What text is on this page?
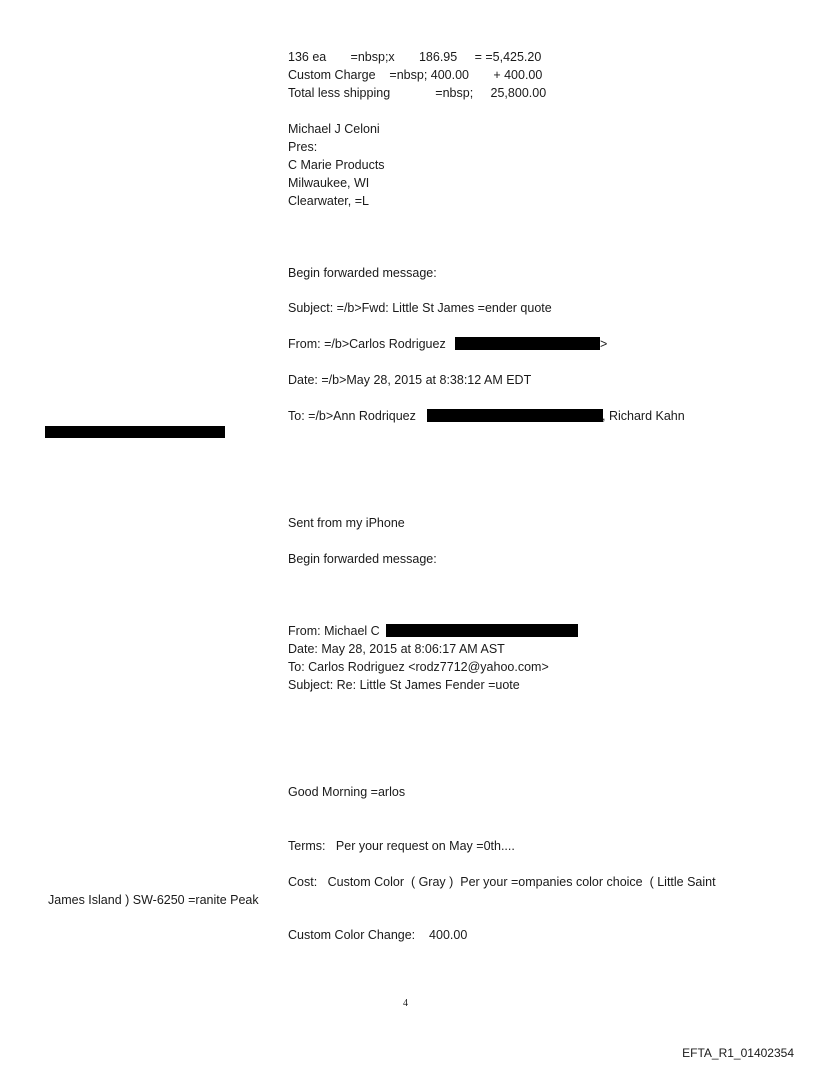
136 ea       =nbsp;x       186.95     = =5,425.20
Custom Charge    =nbsp; 400.00       + 400.00
Total less shipping             =nbsp;     25,800.00
Michael J Celoni
Pres:
C Marie Products
Milwaukee, WI
Clearwater, =L
Begin forwarded message:
Subject: =/b>Fwd: Little St James =ender quote
From: =/b>Carlos Rodriguez	>
Date: =/b>May 28, 2015 at 8:38:12 AM EDT
To: =/b>Ann Rodriquez	, Richard Kahn
Sent from my iPhone
Begin forwarded message:
From: Michael C
Date: May 28, 2015 at 8:06:17 AM AST
To: Carlos Rodriguez <rodz7712@yahoo.com>
Subject: Re: Little St James Fender =uote
Good Morning =arlos
Terms:   Per your request on May =0th....
Cost:   Custom Color  ( Gray )  Per your =ompanies color choice  ( Little Saint
James Island ) SW-6250 =ranite Peak
Custom Color Change:    400.00
4
EFTA_R1_01402354
